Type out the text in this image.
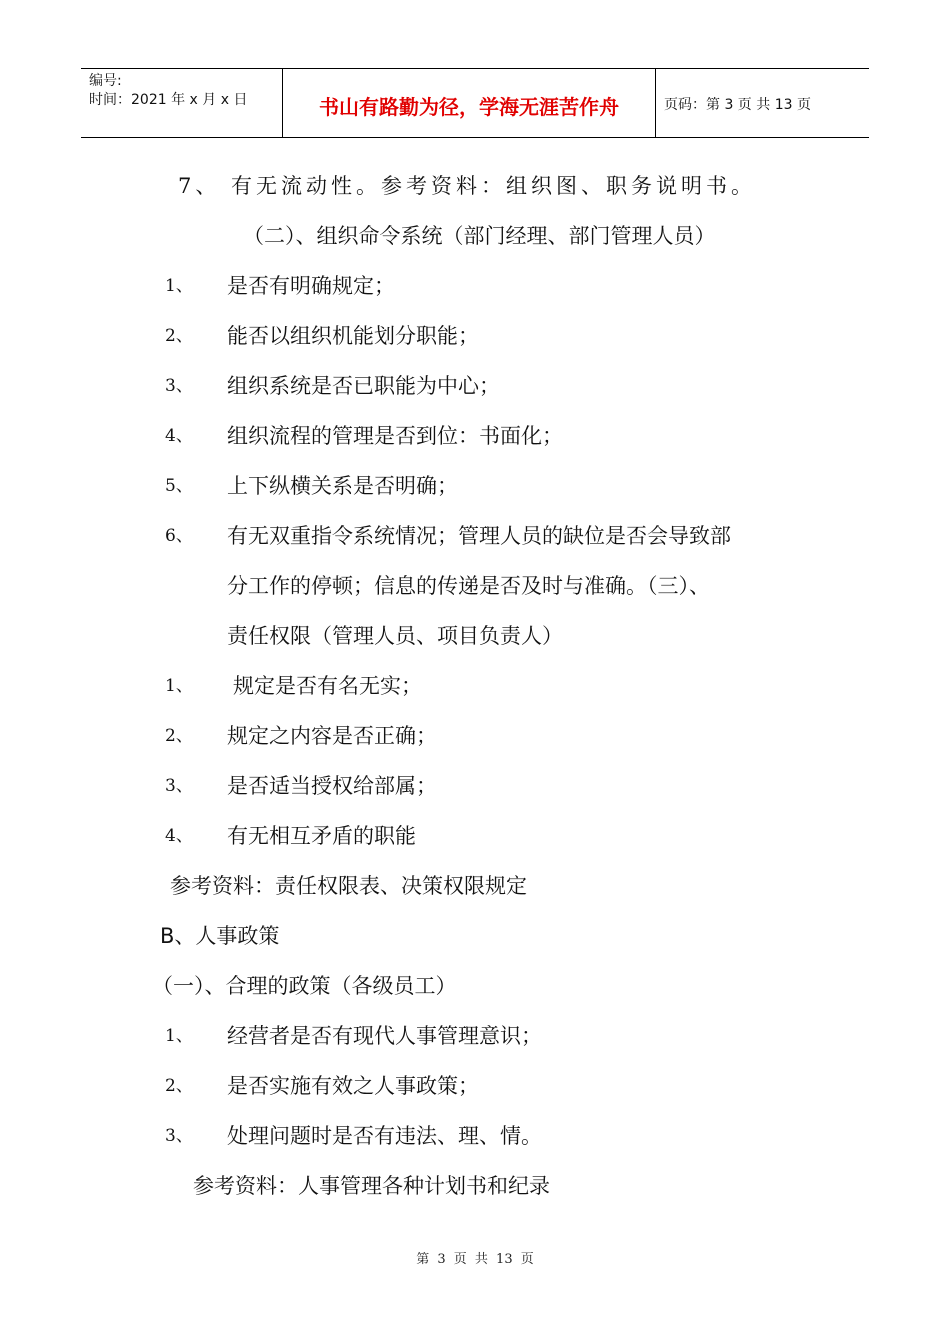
编号:
时间：2021 年 x 月 x 日	书山有路勤为径，学海无涯苦作舟	页码：第 3 页 共 13 页
7、 有无流动性。参考资料：组织图、职务说明书。
（二）、组织命令系统（部门经理、部门管理人员）
1、 是否有明确规定；
2、 能否以组织机能划分职能；
3、 组织系统是否已职能为中心；
4、 组织流程的管理是否到位：书面化；
5、 上下纵横关系是否明确；
6、 有无双重指令系统情况；管理人员的缺位是否会导致部
分工作的停顿；信息的传递是否及时与准确。（三）、
责任权限（管理人员、项目负责人）
1、 规定是否有名无实；
2、 规定之内容是否正确；
3、 是否适当授权给部属；
4、 有无相互矛盾的职能
参考资料：责任权限表、决策权限规定
B、人事政策
（一）、合理的政策（各级员工）
1、 经营者是否有现代人事管理意识；
2、 是否实施有效之人事政策；
3、 处理问题时是否有违法、理、情。
参考资料：人事管理各种计划书和纪录
第 3 页 共 13 页
